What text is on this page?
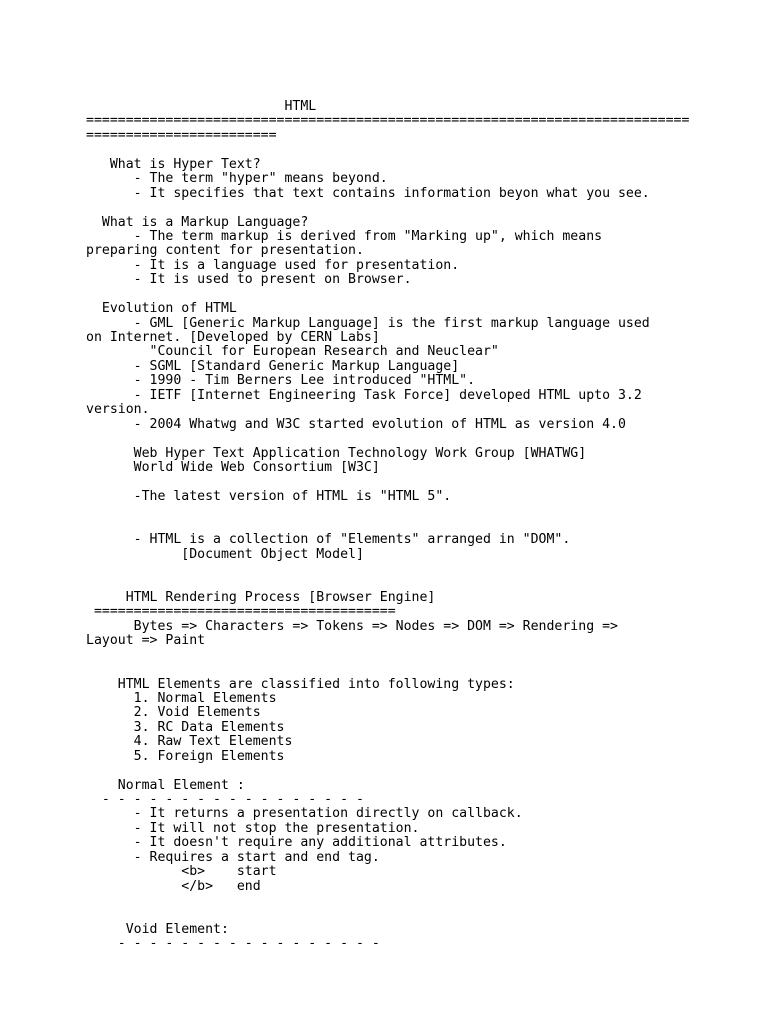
HTML
============================================================================
========================
What is Hyper Text?
- The term "hyper" means beyond.
- It specifies that text contains information beyon what you see.
What is a Markup Language?
- The term markup is derived from "Marking up", which means
preparing content for presentation.
- It is a language used for presentation.
- It is used to present on Browser.
Evolution of HTML
- GML [Generic Markup Language] is the first markup language used
on Internet. [Developed by CERN Labs]
"Council for European Research and Neuclear"
- SGML [Standard Generic Markup Language]
- 1990 - Tim Berners Lee introduced "HTML".
- IETF [Internet Engineering Task Force] developed HTML upto 3.2
version.
- 2004 Whatwg and W3C started evolution of HTML as version 4.0
Web Hyper Text Application Technology Work Group [WHATWG]
World Wide Web Consortium [W3C]
-The latest version of HTML is "HTML 5".
- HTML is a collection of "Elements" arranged in "DOM".
[Document Object Model]
HTML Rendering Process [Browser Engine]
======================================
Bytes => Characters => Tokens => Nodes => DOM => Rendering =>
Layout => Paint
HTML Elements are classified into following types:
1. Normal Elements
2. Void Elements
3. RC Data Elements
4. Raw Text Elements
5. Foreign Elements
Normal Element :
- - - - - - - - - - - - - - - - -
- It returns a presentation directly on callback.
- It will not stop the presentation.
- It doesn't require any additional attributes.
- Requires a start and end tag.
<b>    start
</b>   end
Void Element:
- - - - - - - - - - - - - - - - -
